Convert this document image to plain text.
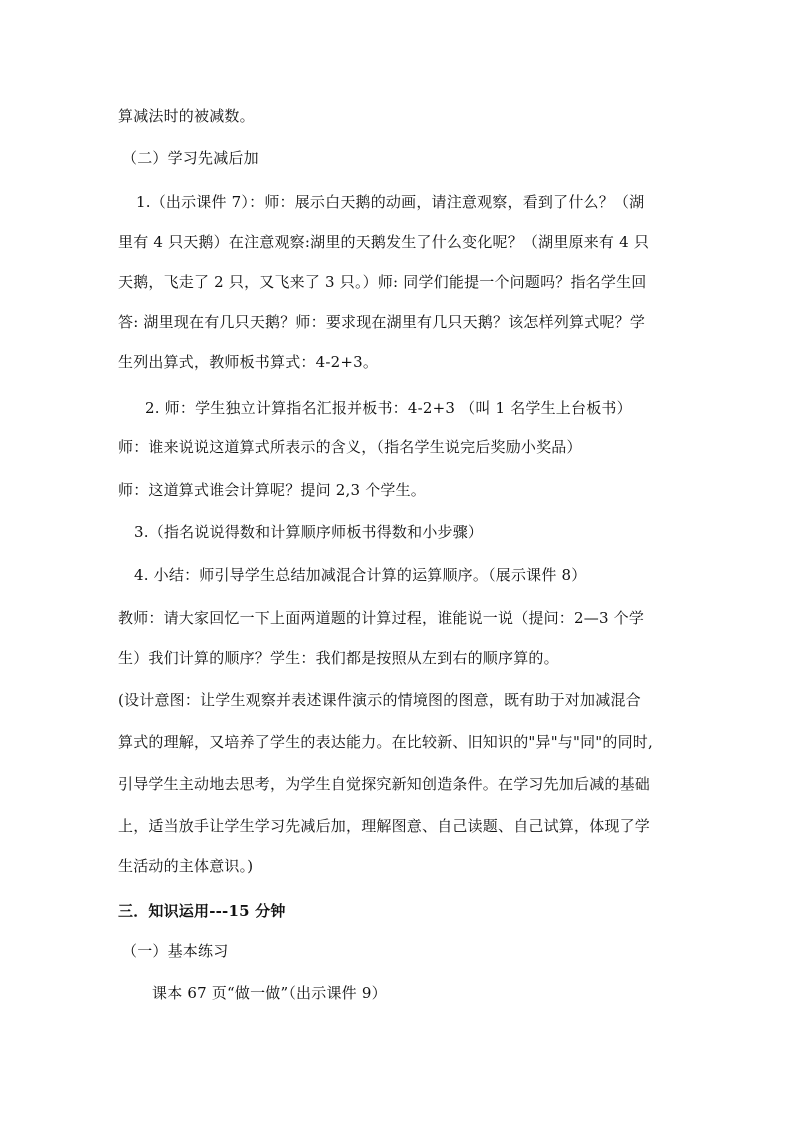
算减法时的被减数。
（二）学习先减后加
1.（出示课件 7）：师：展示白天鹅的动画，请注意观察，看到了什么？（湖
里有 4 只天鹅）在注意观察:湖里的天鹅发生了什么变化呢？（湖里原来有 4 只
天鹅，飞走了 2 只，又飞来了 3 只。）师: 同学们能提一个问题吗？指名学生回
答: 湖里现在有几只天鹅？师：要求现在湖里有几只天鹅？该怎样列算式呢？学
生列出算式，教师板书算式：4-2+3。
2. 师：学生独立计算指名汇报并板书：4-2+3 （叫 1 名学生上台板书）
师：谁来说说这道算式所表示的含义，（指名学生说完后奖励小奖品）
师：这道算式谁会计算呢？提问 2,3 个学生。
3.（指名说说得数和计算顺序师板书得数和小步骤）
4. 小结：师引导学生总结加减混合计算的运算顺序。（展示课件 8）
教师：请大家回忆一下上面两道题的计算过程，谁能说一说（提问：2—3 个学
生）我们计算的顺序？学生：我们都是按照从左到右的顺序算的。
(设计意图：让学生观察并表述课件演示的情境图的图意，既有助于对加减混合
算式的理解，又培养了学生的表达能力。在比较新、旧知识的"异"与"同"的同时,
引导学生主动地去思考，为学生自觉探究新知创造条件。在学习先加后减的基础
上，适当放手让学生学习先减后加，理解图意、自己读题、自己试算，体现了学
生活动的主体意识。)
三．知识运用---15 分钟
（一）基本练习
课本 67 页“做一做”（出示课件 9）
